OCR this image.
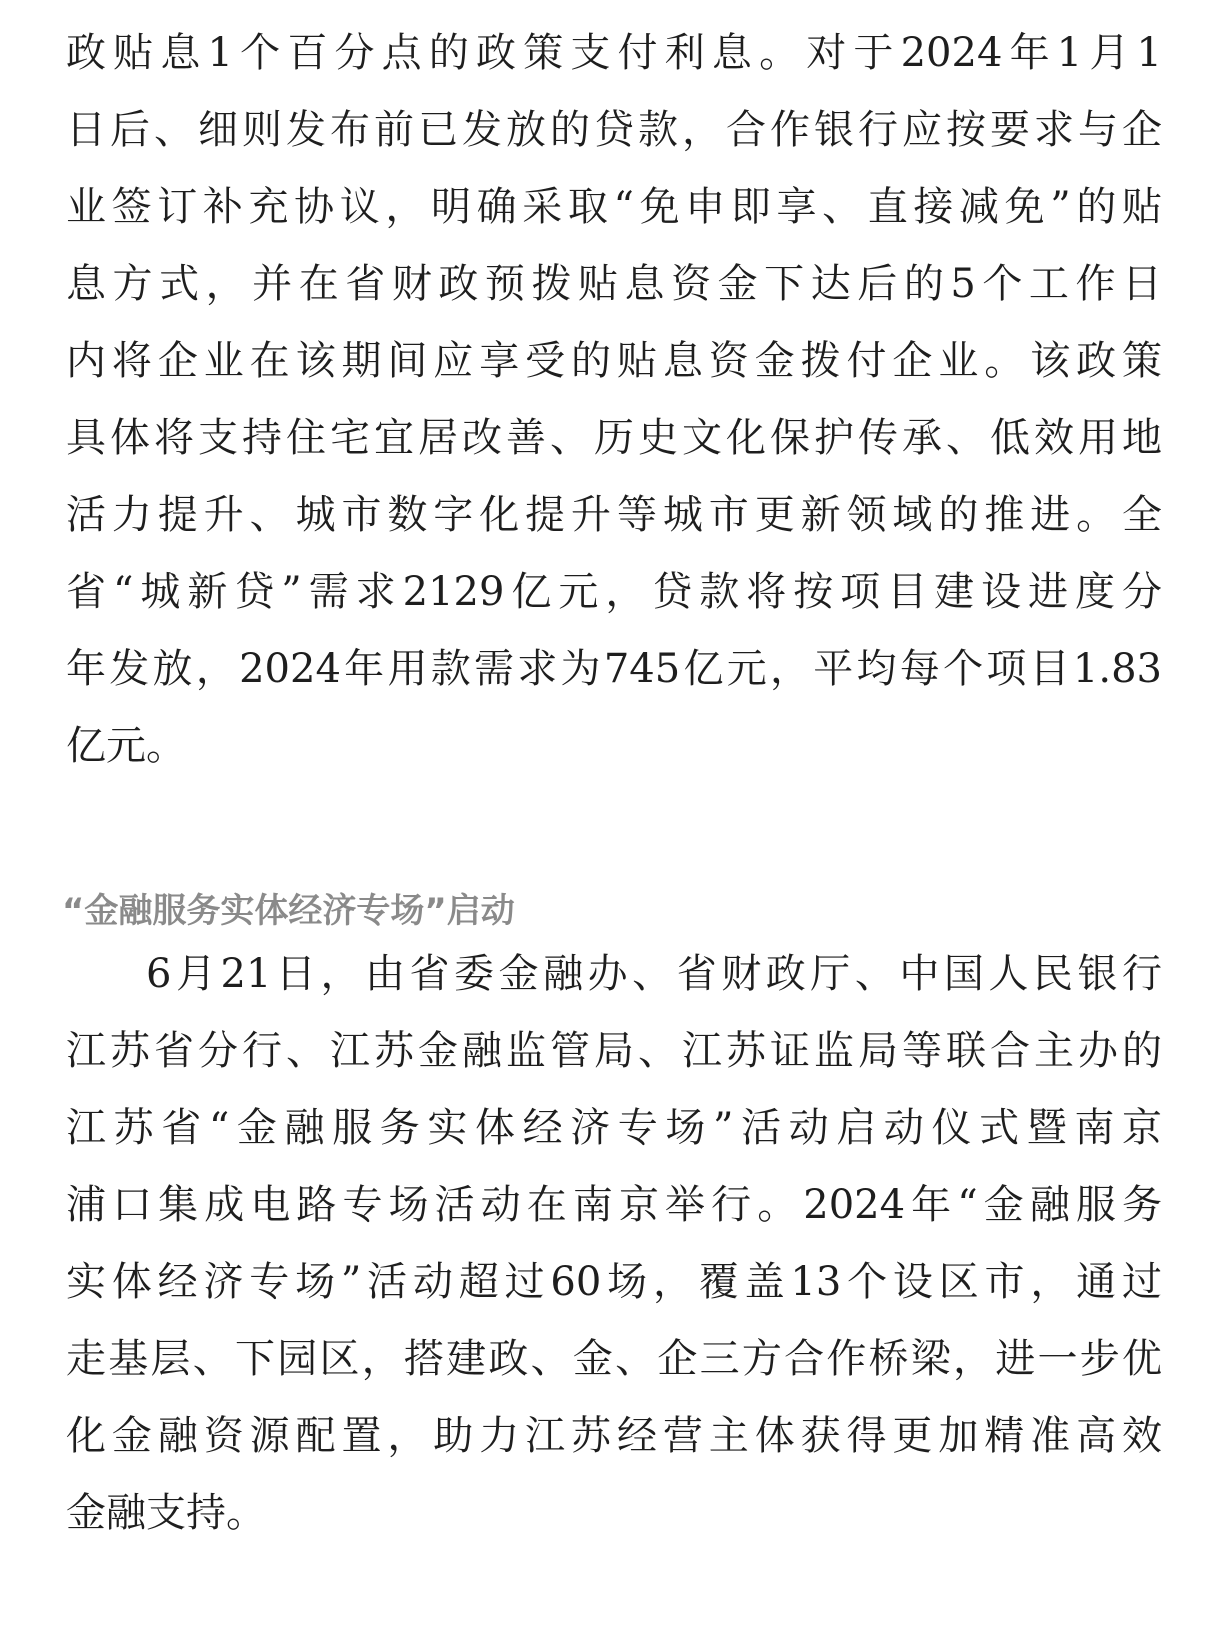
政贴息1个百分点的政策支付利息。对于2024年1月1
日后、细则发布前已发放的贷款，合作银行应按要求与企
业签订补充协议，明确采取“免申即享、直接减免”的贴
息方式，并在省财政预拨贴息资金下达后的5个工作日
内将企业在该期间应享受的贴息资金拨付企业。该政策
具体将支持住宅宜居改善、历史文化保护传承、低效用地
活力提升、城市数字化提升等城市更新领域的推进。全
省“城新贷”需求2129亿元，贷款将按项目建设进度分
年发放，2024年用款需求为745亿元，平均每个项目1.83
亿元。
“金融服务实体经济专场”启动
6月21日，由省委金融办、省财政厅、中国人民银行
江苏省分行、江苏金融监管局、江苏证监局等联合主办的
江苏省“金融服务实体经济专场”活动启动仪式暨南京
浦口集成电路专场活动在南京举行。2024年“金融服务
实体经济专场”活动超过60场，覆盖13个设区市，通过
走基层、下园区，搭建政、金、企三方合作桥梁，进一步优
化金融资源配置，助力江苏经营主体获得更加精准高效
金融支持。
